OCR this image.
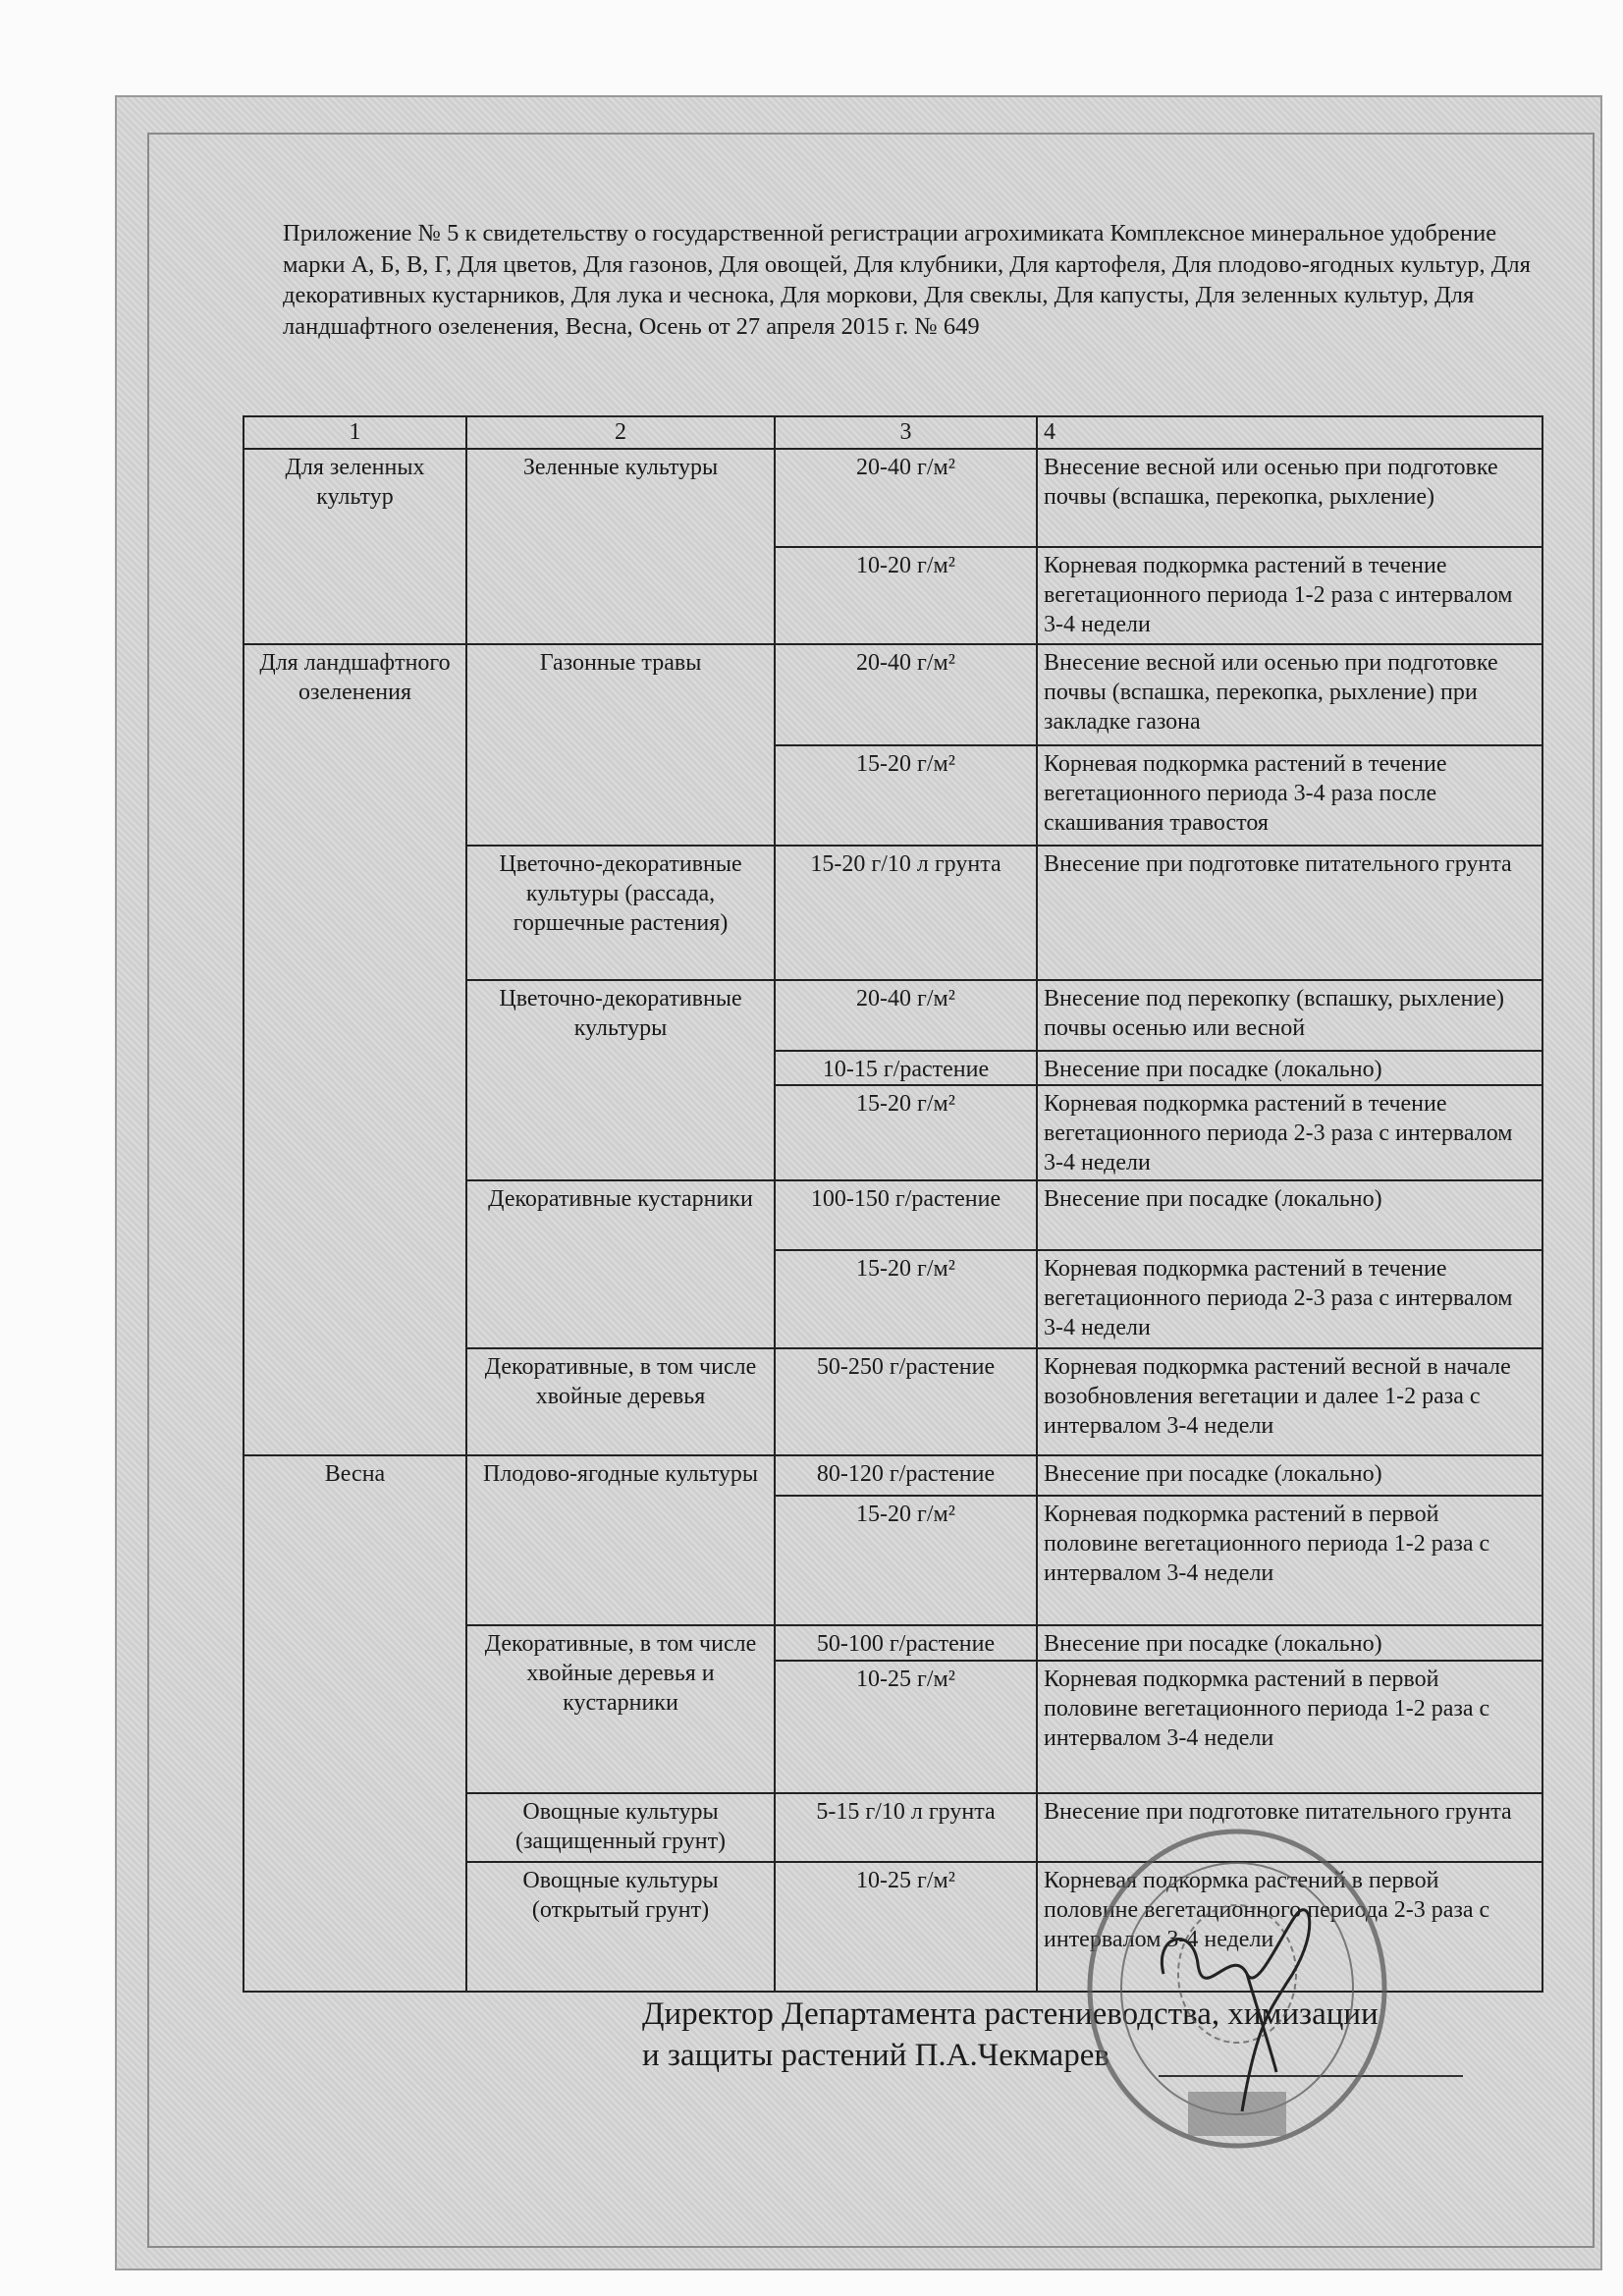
Приложение № 5 к свидетельству о государственной регистрации агрохимиката Комплексное минеральное удобрение марки А, Б, В, Г, Для цветов, Для газонов, Для овощей, Для клубники, Для картофеля, Для плодово-ягодных культур, Для декоративных кустарников, Для лука и чеснока, Для моркови, Для свеклы, Для капусты, Для зеленных культур, Для ландшафтного озеленения, Весна, Осень от 27 апреля 2015 г. № 649
1	2	3	4
Для зеленных культур	Зеленные культуры	20-40 г/м²	Внесение весной или осенью при подготовке почвы (вспашка, перекопка, рыхление)
		10-20 г/м²	Корневая подкормка растений в течение вегетационного периода 1-2 раза с интервалом 3-4 недели
Для ландшафтного озеленения	Газонные травы	20-40 г/м²	Внесение весной или осенью при подготовке почвы (вспашка, перекопка, рыхление) при закладке газона
		15-20 г/м²	Корневая подкормка растений в течение вегетационного периода 3-4 раза после скашивания травостоя
	Цветочно-декоративные культуры (рассада, горшечные растения)	15-20 г/10 л грунта	Внесение при подготовке питательного грунта
	Цветочно-декоративные культуры	20-40 г/м²	Внесение под перекопку (вспашку, рыхление) почвы осенью или весной
		10-15 г/растение	Внесение при посадке (локально)
		15-20 г/м²	Корневая подкормка растений в течение вегетационного периода 2-3 раза с интервалом 3-4 недели
	Декоративные кустарники	100-150 г/растение	Внесение при посадке (локально)
		15-20 г/м²	Корневая подкормка растений в течение вегетационного периода 2-3 раза с интервалом 3-4 недели
	Декоративные, в том числе хвойные деревья	50-250 г/растение	Корневая подкормка растений весной в начале возобновления вегетации и далее 1-2 раза с интервалом 3-4 недели
Весна	Плодово-ягодные культуры	80-120 г/растение	Внесение при посадке (локально)
		15-20 г/м²	Корневая подкормка растений в первой половине вегетационного периода 1-2 раза с интервалом 3-4 недели
	Декоративные, в том числе хвойные деревья и кустарники	50-100 г/растение	Внесение при посадке (локально)
		10-25 г/м²	Корневая подкормка растений в первой половине вегетационного периода 1-2 раза с интервалом 3-4 недели
	Овощные культуры (защищенный грунт)	5-15 г/10 л грунта	Внесение при подготовке питательного грунта
	Овощные культуры (открытый грунт)	10-25 г/м²	Корневая подкормка растений в первой половине вегетационного периода 2-3 раза с интервалом 3-4 недели
Директор Департамента растениеводства, химизации
и защиты растений П.А.Чекмарев
